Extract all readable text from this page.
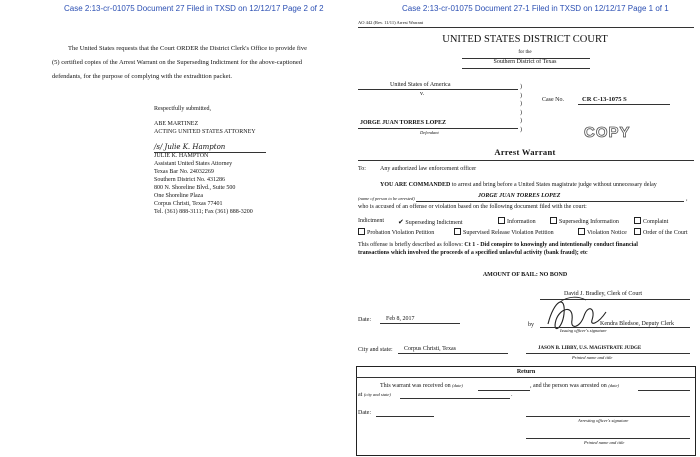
Case 2:13-cr-01075 Document 27 Filed in TXSD on 12/12/17 Page 2 of 2
The United States requests that the Court ORDER the District Clerk's Office to provide five
(5) certified copies of the Arrest Warrant on the Superseding Indictment for the above-captioned
defendants, for the purpose of complying with the extradition packet.
Respectfully submitted,
ABE MARTINEZ
ACTING UNITED STATES ATTORNEY
/s/ Julie K. Hampton
JULIE K. HAMPTON
Assistant United States Attorney
Texas Bar No. 24032269
Southern District No. 431286
800 N. Shoreline Blvd., Suite 500
One Shoreline Plaza
Corpus Christi, Texas 77401
Tel. (361) 888-3111; Fax (361) 888-3200
Case 2:13-cr-01075 Document 27-1 Filed in TXSD on 12/12/17 Page 1 of 1
AO 442 (Rev. 11/11) Arrest Warrant
UNITED STATES DISTRICT COURT
for the
Southern District of Texas
United States of America
v.
)
)
)
)
)
)
Case No.	CR C-13-1075 S
JORGE JUAN TORRES LOPEZ
Defendant	COPY
Arrest Warrant
To: Any authorized law enforcement officer
YOU ARE COMMANDED to arrest and bring before a United States magistrate judge without unnecessary delay
(name of person to be arrested)	JORGE JUAN TORRES LOPEZ	,
who is accused of an offense or violation based on the following document filed with the court:
Indictment ✔ Superseding Indictment	Information	Superseding Information	Complaint
Probation Violation Petition	Supervised Release Violation Petition	Violation Notice	Order of the Court
This offense is briefly described as follows: Ct 1 - Did conspire to knowingly and intentionally conduct financial
transactions which involved the proceeds of a specified unlawful activity (bank fraud); etc
AMOUNT OF BAIL: NO BOND
David J. Bradley, Clerk of Court
by	Kendra Bledsoe, Deputy Clerk
Issuing officer's signature
Date:	Feb 8, 2017
City and state: Corpus Christi, Texas	JASON B. LIBBY, U.S. MAGISTRATE JUDGE
Printed name and title
Return
This warrant was received on (date)	, and the person was arrested on (date)
at (city and state)	.
Date:
Arresting officer's signature
Printed name and title
